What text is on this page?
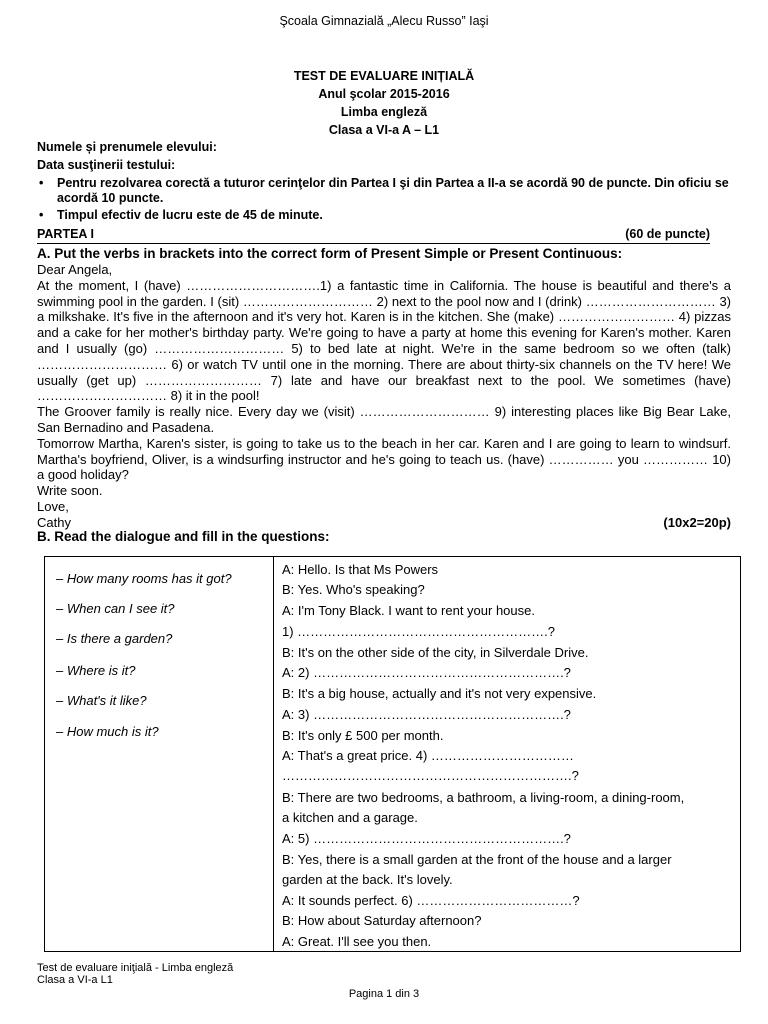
Şcoala Gimnazială „Alecu Russo” Iaşi
TEST DE EVALUARE INIȚIALĂ
Anul şcolar 2015-2016
Limba engleză
Clasa a VI-a A – L1
Numele și prenumele elevului:
Data susţinerii testului:
• Pentru rezolvarea corectă a tuturor cerinţelor din Partea I şi din Partea a II-a se acordă 90 de puncte. Din oficiu se acordă 10 puncte.
• Timpul efectiv de lucru este de 45 de minute.
PARTEA I	(60 de puncte)
A. Put the verbs in brackets into the correct form of Present Simple or Present Continuous:

Dear Angela,

At the moment, I (have) ………………………….1) a fantastic time in California. The house is beautiful and there's a swimming pool in the garden. I (sit) ………………………… 2) next to the pool now and I (drink) ………………………… 3) a milkshake. It's five in the afternoon and it's very hot. Karen is in the kitchen. She (make) ……………………… 4) pizzas and a cake for her mother's birthday party. We're going to have a party at home this evening for Karen's mother. Karen and I usually (go) ………………………… 5) to bed late at night. We're in the same bedroom so we often (talk) ………………………… 6) or watch TV until one in the morning. There are about thirty-six channels on the TV here! We usually (get up) ……………………… 7) late and have our breakfast next to the pool. We sometimes (have) ………………………… 8) it in the pool!

The Groover family is really nice. Every day we (visit) ………………………… 9) interesting places like Big Bear Lake, San Bernadino and Pasadena.

Tomorrow Martha, Karen's sister, is going to take us to the beach in her car. Karen and I are going to learn to windsurf. Martha's boyfriend, Oliver, is a windsurfing instructor and he's going to teach us. (have) …………… you …………… 10) a good holiday?

Write soon.

Love,

Cathy	(10x2=20p)

B. Read the dialogue and fill in the questions:
– How many rooms has it got?
– When can I see it?
– Is there a garden?
– Where is it?
– What's it like?
– How much is it?
A: Hello. Is that Ms Powers
B: Yes. Who's speaking?
A: I'm Tony Black. I want to rent your house.
1) ………………………………………………….?
B: It's on the other side of the city, in Silverdale Drive.
A: 2) ………………………………………………….?
B: It's a big house, actually and it's not very expensive.
A: 3) ………………………………………………….?
B: It's only £ 500 per month.
A: That's a great price. 4) ……………………………
………………………………………………………….?
B: There are two bedrooms, a bathroom, a living-room, a dining-room,
a kitchen and a garage.
A: 5) ………………………………………………….?
B: Yes, there is a small garden at the front of the house and a larger
garden at the back. It's lovely.
A: It sounds perfect. 6) ………………………………?
B: How about Saturday afternoon?
A: Great. I'll see you then.
Test de evaluare iniţială - Limba engleză
Clasa a VI-a L1
Pagina 1 din 3
